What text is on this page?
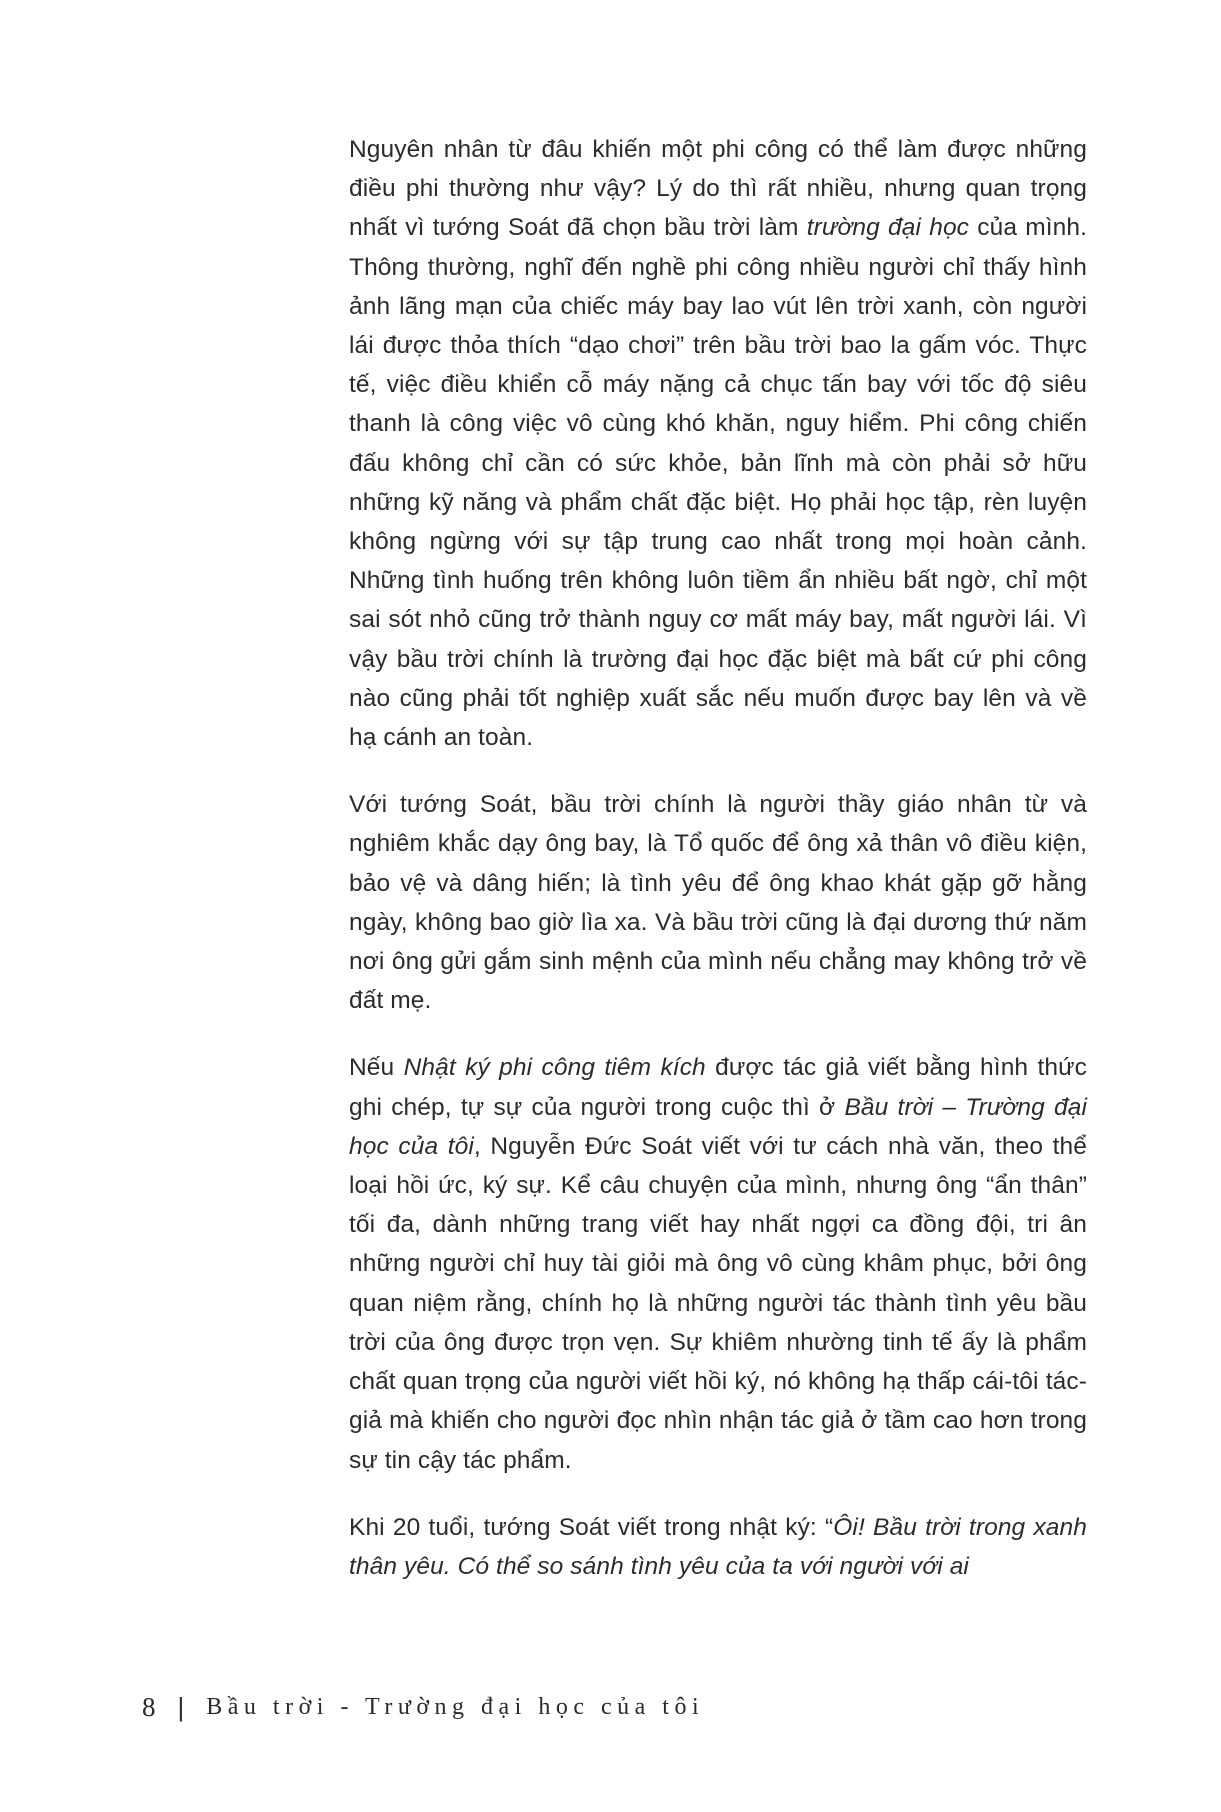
Nguyên nhân từ đâu khiến một phi công có thể làm được những điều phi thường như vậy? Lý do thì rất nhiều, nhưng quan trọng nhất vì tướng Soát đã chọn bầu trời làm trường đại học của mình. Thông thường, nghĩ đến nghề phi công nhiều người chỉ thấy hình ảnh lãng mạn của chiếc máy bay lao vút lên trời xanh, còn người lái được thỏa thích “dạo chơi” trên bầu trời bao la gấm vóc. Thực tế, việc điều khiển cỗ máy nặng cả chục tấn bay với tốc độ siêu thanh là công việc vô cùng khó khăn, nguy hiểm. Phi công chiến đấu không chỉ cần có sức khỏe, bản lĩnh mà còn phải sở hữu những kỹ năng và phẩm chất đặc biệt. Họ phải học tập, rèn luyện không ngừng với sự tập trung cao nhất trong mọi hoàn cảnh. Những tình huống trên không luôn tiềm ẩn nhiều bất ngờ, chỉ một sai sót nhỏ cũng trở thành nguy cơ mất máy bay, mất người lái. Vì vậy bầu trời chính là trường đại học đặc biệt mà bất cứ phi công nào cũng phải tốt nghiệp xuất sắc nếu muốn được bay lên và về hạ cánh an toàn.

Với tướng Soát, bầu trời chính là người thầy giáo nhân từ và nghiêm khắc dạy ông bay, là Tổ quốc để ông xả thân vô điều kiện, bảo vệ và dâng hiến; là tình yêu để ông khao khát gặp gỡ hằng ngày, không bao giờ lìa xa. Và bầu trời cũng là đại dương thứ năm nơi ông gửi gắm sinh mệnh của mình nếu chẳng may không trở về đất mẹ.

Nếu Nhật ký phi công tiêm kích được tác giả viết bằng hình thức ghi chép, tự sự của người trong cuộc thì ở Bầu trời – Trường đại học của tôi, Nguyễn Đức Soát viết với tư cách nhà văn, theo thể loại hồi ức, ký sự. Kể câu chuyện của mình, nhưng ông “ẩn thân” tối đa, dành những trang viết hay nhất ngợi ca đồng đội, tri ân những người chỉ huy tài giỏi mà ông vô cùng khâm phục, bởi ông quan niệm rằng, chính họ là những người tác thành tình yêu bầu trời của ông được trọn vẹn. Sự khiêm nhường tinh tế ấy là phẩm chất quan trọng của người viết hồi ký, nó không hạ thấp cái-tôi tác-giả mà khiến cho người đọc nhìn nhận tác giả ở tầm cao hơn trong sự tin cậy tác phẩm.

Khi 20 tuổi, tướng Soát viết trong nhật ký: “Ôi! Bầu trời trong xanh thân yêu. Có thể so sánh tình yêu của ta với người với ai

8 | Bầu trời - Trường đại học của tôi
